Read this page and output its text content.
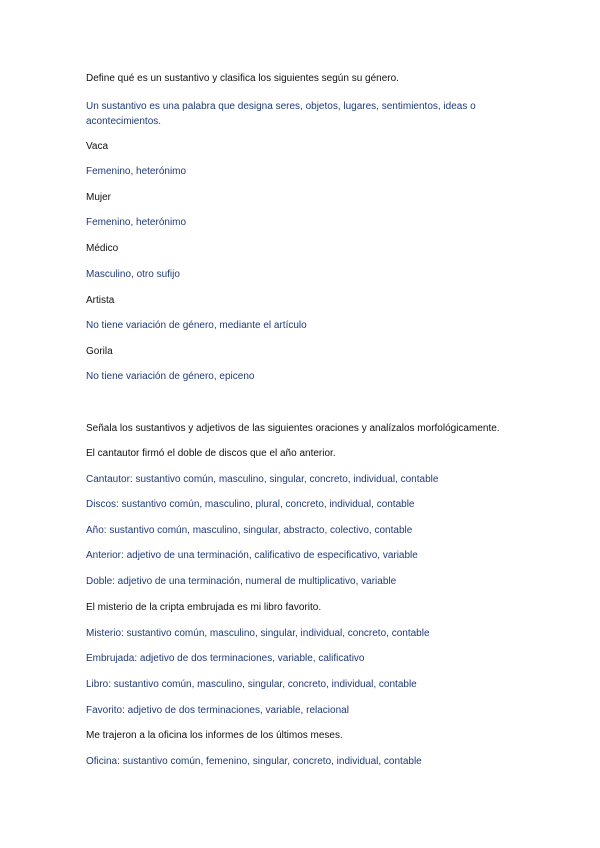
Define qué es un sustantivo y clasifica los siguientes según su género.

Un sustantivo es una palabra que designa seres, objetos, lugares, sentimientos, ideas o acontecimientos.

Vaca

Femenino, heterónimo

Mujer

Femenino, heterónimo

Médico

Masculino, otro sufijo

Artista

No tiene variación de género, mediante el artículo

Gorila

No tiene variación de género, epiceno

Señala los sustantivos y adjetivos de las siguientes oraciones y analízalos morfológicamente.

El cantautor firmó el doble de discos que el año anterior.

Cantautor: sustantivo común, masculino, singular, concreto, individual, contable

Discos: sustantivo común, masculino, plural, concreto, individual, contable

Año: sustantivo común, masculino, singular, abstracto, colectivo, contable

Anterior: adjetivo de una terminación, calificativo de especificativo, variable

Doble: adjetivo de una terminación, numeral de multiplicativo, variable

El misterio de la cripta embrujada es mi libro favorito.

Misterio: sustantivo común, masculino, singular, individual, concreto, contable

Embrujada: adjetivo de dos terminaciones, variable, calificativo

Libro: sustantivo común, masculino, singular, concreto, individual, contable

Favorito: adjetivo de dos terminaciones, variable, relacional

Me trajeron a la oficina los informes de los últimos meses.

Oficina: sustantivo común, femenino, singular, concreto, individual, contable
